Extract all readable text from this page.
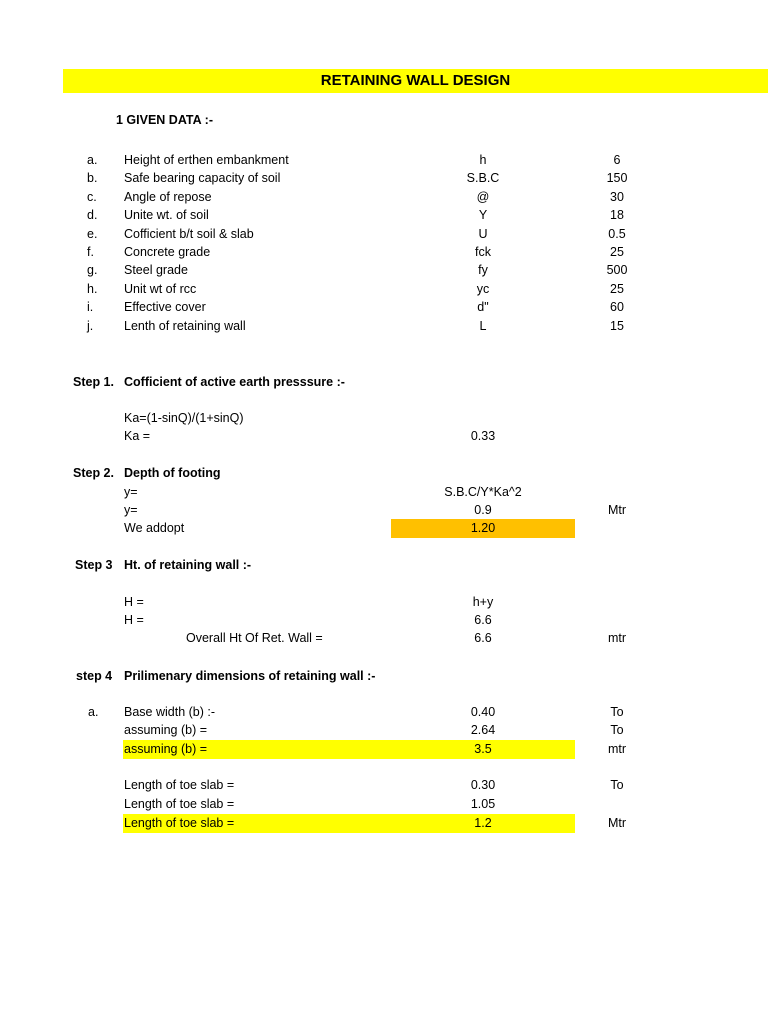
RETAINING WALL DESIGN
1 GIVEN DATA :-
a. Height of erthen embankment	h	6
b. Safe bearing capacity of soil	S.B.C	150
c. Angle of repose	@	30
d. Unite wt. of soil	Y	18
e. Cofficient b/t soil & slab	U	0.5
f. Concrete grade	fck	25
g. Steel grade	fy	500
h. Unit wt of rcc	yc	25
i. Effective cover	d"	60
j. Lenth of retaining wall	L	15
Step 1. Cofficient of active earth presssure :-
Ka=(1-sinQ)/(1+sinQ)
Ka =	0.33
Step 2. Depth of footing
y=	S.B.C/Y*Ka^2
y=	0.9	Mtr
We addopt	1.20
Step 3 Ht. of retaining wall :-
H =	h+y
H =	6.6
Overall Ht Of Ret. Wall =	6.6	mtr
step 4 Prilimenary dimensions of retaining wall :-
a. Base width (b) :-	0.40	To
assuming (b) =	2.64	To
assuming (b) =	3.5	mtr
Length of toe slab =	0.30	To
Length of toe slab =	1.05
Length of toe slab =	1.2	Mtr
